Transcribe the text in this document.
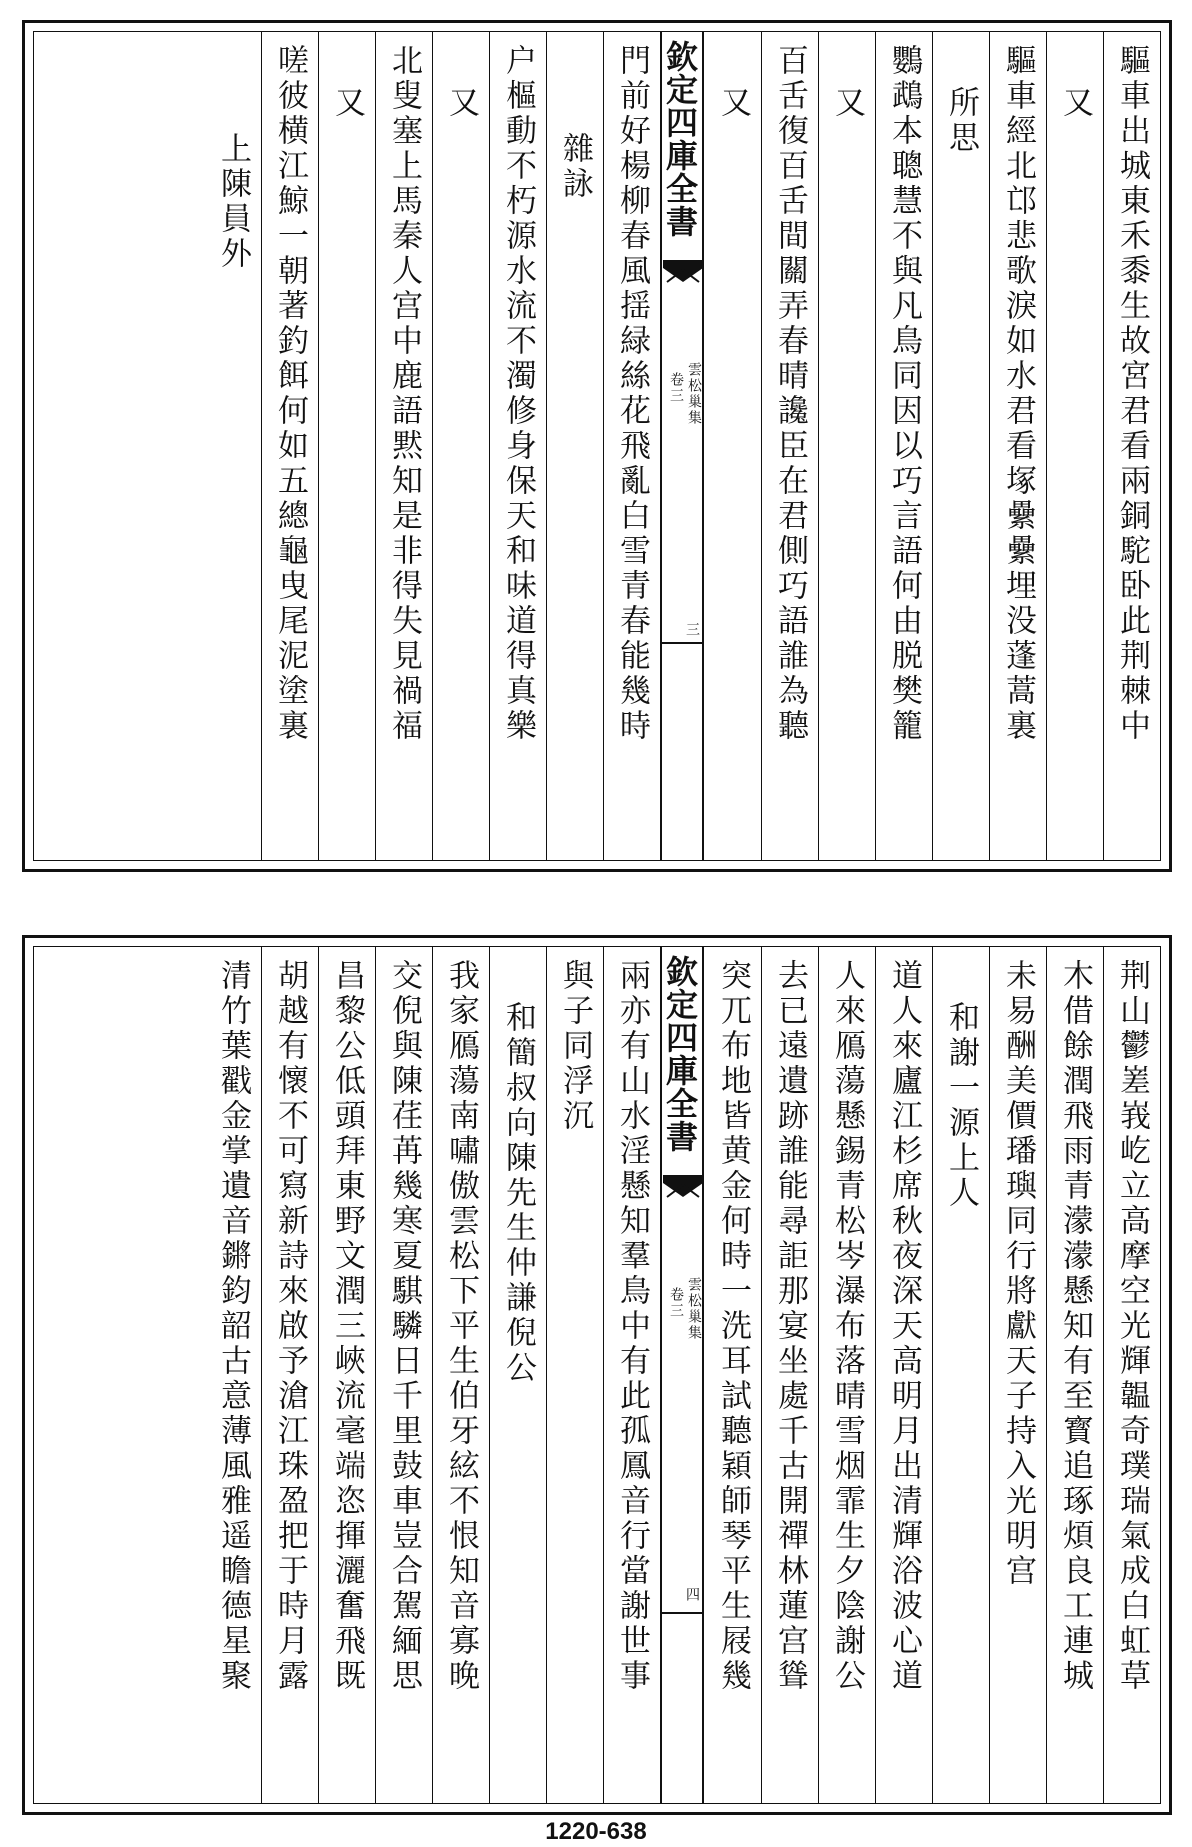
驅車出城東禾黍生故宮君看兩銅駝卧此荆棘中
又
驅車經北邙悲歌淚如水君看塚纍纍埋没蓬蒿裏
所思
鸚鵡本聰慧不與凡鳥同因以巧言語何由脱樊籠
又
百舌復百舌間關弄春晴讒臣在君側巧語誰為聽
又
欽定四庫全書
雲松巢集
卷三
三
門前好楊柳春風揺緑絲花飛亂白雪青春能幾時
雜詠
户樞動不朽源水流不濁修身保天和味道得真樂
又
北叟塞上馬秦人宫中鹿語黙知是非得失見禍福
又
嗟彼横江鯨一朝著釣餌何如五總龜曳尾泥塗裏
上陳員外
荆山鬱嵳峩屹立高摩空光輝韞奇璞瑞氣成白虹草
木借餘潤飛雨青濛濛懸知有至寳追琢煩良工連城
未易酬美價璠璵同行將獻天子持入光明宫
和謝一源上人
道人來廬江杉席秋夜深天高明月出清輝浴波心道
人來鴈蕩懸錫青松岑瀑布落晴雪烟霏生夕陰謝公
去已遠遺跡誰能尋詎那宴坐處千古開禪林蓮宫聳
突兀布地皆黄金何時一洗耳試聽穎師琴平生屐幾
欽定四庫全書
雲松巢集
卷三
四
兩亦有山水淫懸知羣鳥中有此孤鳳音行當謝世事
與子同浮沉
和簡叔向陳先生仲謙倪公
我家鴈蕩南嘯傲雲松下平生伯牙絃不恨知音寡晚
交倪與陳荏苒幾寒夏騏驎日千里鼓車豈合駕緬思
昌黎公低頭拜東野文潤三峽流毫端恣揮灑奮飛既
胡越有懷不可寫新詩來啟予滄江珠盈把于時月露
清竹葉戳金掌遺音鏘鈞韶古意薄風雅遥瞻德星聚
1220-638
